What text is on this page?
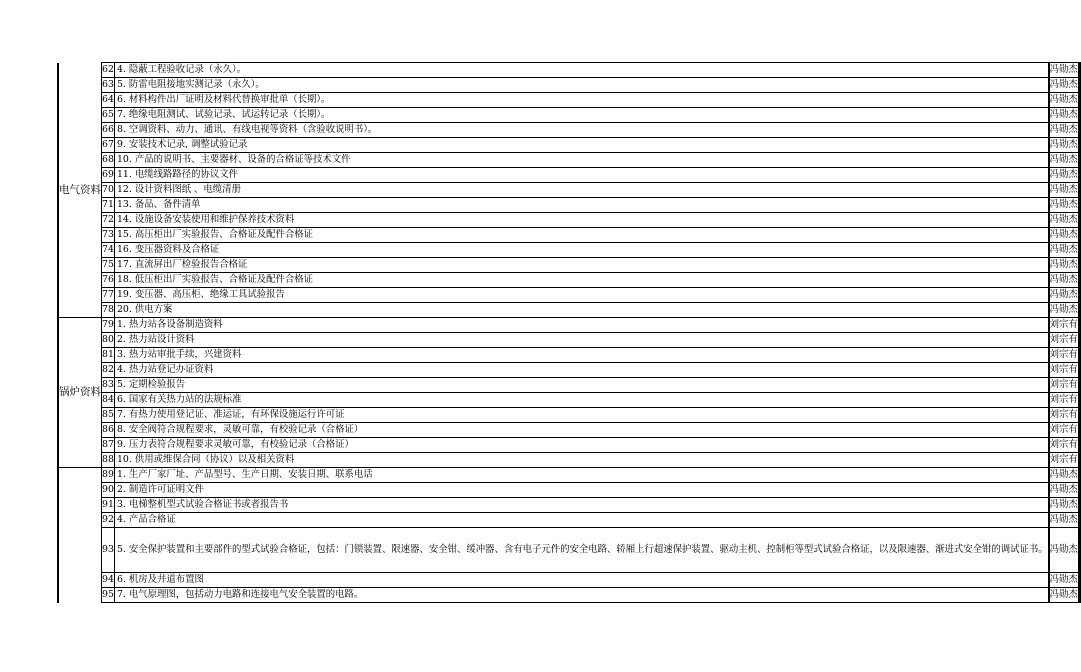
	电气资料	62	4. 隐蔽工程验收记录（永久）。		冯勋杰		
	63	5. 防雷电阻接地实测记录（永久）。		冯勋杰		
	64	6. 材料构件出厂证明及材料代替换审批单（长期）。		冯勋杰		
	65	7. 绝缘电阻测试、试验记录、试运转记录（长期）。		冯勋杰		
	66	8. 空调资料、动力、通讯、有线电视等资料（含验收说明书）。		冯勋杰		
	67	9. 安装技术记录, 调整试验记录		冯勋杰		
	68	10. 产品的说明书、主要器材、设备的合格证等技术文件		冯勋杰		
	69	11. 电缆线路路径的协议文件		冯勋杰		
	70	12. 设计资料图纸 、电缆清册		冯勋杰		
	71	13. 备品、备件清单		冯勋杰		
	72	14. 设施设备安装使用和维护保养技术资料		冯勋杰		
	73	15. 高压柜出厂实验报告、合格证及配件合格证		冯勋杰		
	74	16. 变压器资料及合格证		冯勋杰		
	75	17. 直流屏出厂检验报告合格证		冯勋杰		
	76	18. 低压柜出厂实验报告、合格证及配件合格证		冯勋杰		
	77	19. 变压器、高压柜、绝缘工具试验报告		冯勋杰		
	78	20. 供电方案		冯勋杰		
	锅炉资料	79	1. 热力站各设备制造资料		刘宗有		
	80	2. 热力站设计资料		刘宗有		
	81	3. 热力站审批手续，兴建资料		刘宗有		
	82	4. 热力站登记办证资料		刘宗有		
	83	5. 定期检验报告		刘宗有		
	84	6. 国家有关热力站的法规标准		刘宗有		
	85	7. 有热力使用登记证、准运证，有环保设施运行许可证		刘宗有		
	86	8. 安全阀符合规程要求，灵敏可靠，有校验记录（合格证）		刘宗有		
	87	9. 压力表符合规程要求灵敏可靠，有校验记录（合格证）		刘宗有		
	88	10. 供用或维保合同（协议）以及相关资料		刘宗有		
		89	1. 生产厂家厂址、产品型号、生产日期、安装日期、联系电话		冯勋杰		
	90	2. 制造许可证明文件		冯勋杰		
	91	3. 电梯整机型式试验合格证书或者报告书		冯勋杰		
	92	4. 产品合格证		冯勋杰		
	93	5. 安全保护装置和主要部件的型式试验合格证，包括：门锁装置、限速器、安全钳、缓冲器、含有电子元件的安全电路、轿厢上行超速保护装置、驱动主机、控制柜等型式试验合格证，以及限速器、渐进式安全钳的调试证书。		冯勋杰		
	94	6. 机房及井道布置图		冯勋杰		
	95	7. 电气原理图，包括动力电路和连接电气安全装置的电路。		冯勋杰		
